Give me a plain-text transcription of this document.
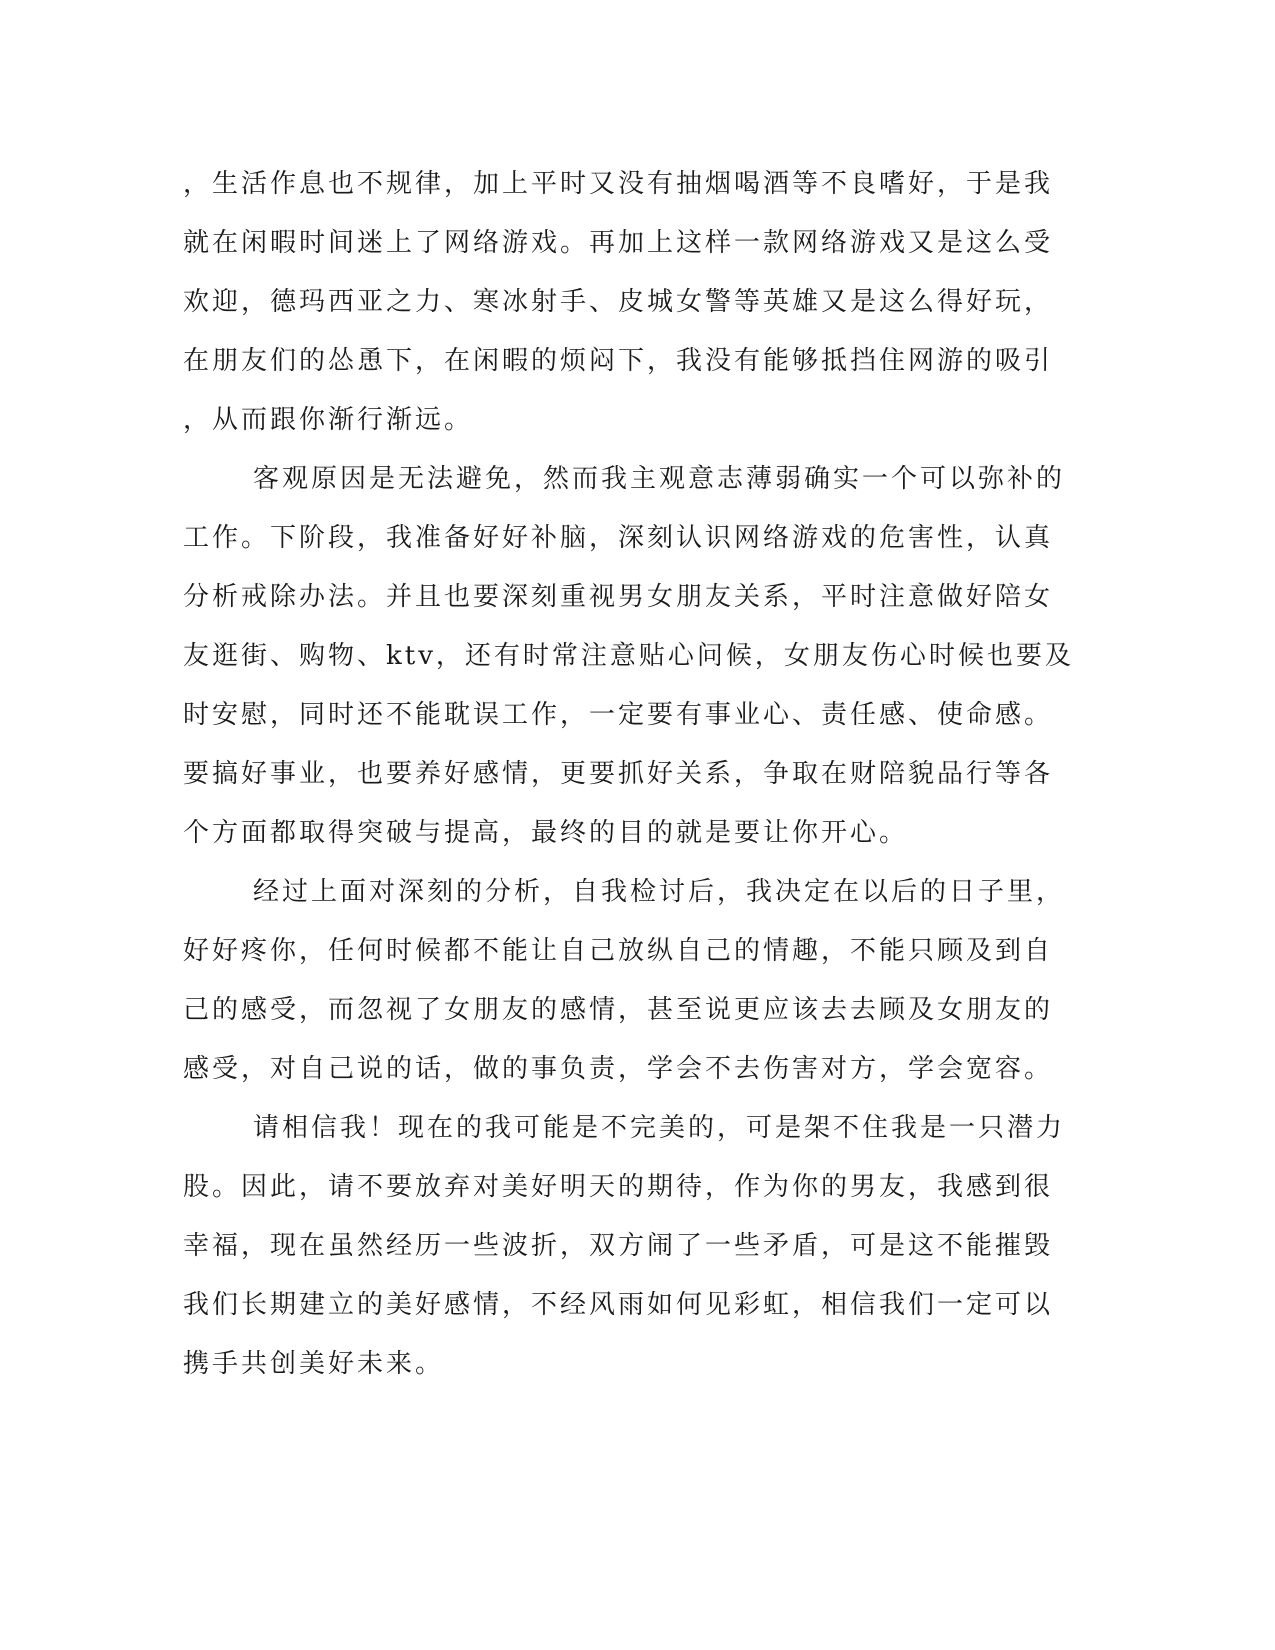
，生活作息也不规律，加上平时又没有抽烟喝酒等不良嗜好，于是我
就在闲暇时间迷上了网络游戏。再加上这样一款网络游戏又是这么受
欢迎，德玛西亚之力、寒冰射手、皮城女警等英雄又是这么得好玩，
在朋友们的怂恿下，在闲暇的烦闷下，我没有能够抵挡住网游的吸引
，从而跟你渐行渐远。
客观原因是无法避免，然而我主观意志薄弱确实一个可以弥补的
工作。下阶段，我准备好好补脑，深刻认识网络游戏的危害性，认真
分析戒除办法。并且也要深刻重视男女朋友关系，平时注意做好陪女
友逛街、购物、ktv，还有时常注意贴心问候，女朋友伤心时候也要及
时安慰，同时还不能耽误工作，一定要有事业心、责任感、使命感。
要搞好事业，也要养好感情，更要抓好关系，争取在财陪貌品行等各
个方面都取得突破与提高，最终的目的就是要让你开心。
经过上面对深刻的分析，自我检讨后，我决定在以后的日子里，
好好疼你，任何时候都不能让自己放纵自己的情趣，不能只顾及到自
己的感受，而忽视了女朋友的感情，甚至说更应该去去顾及女朋友的
感受，对自己说的话，做的事负责，学会不去伤害对方，学会宽容。
请相信我！现在的我可能是不完美的，可是架不住我是一只潜力
股。因此，请不要放弃对美好明天的期待，作为你的男友，我感到很
幸福，现在虽然经历一些波折，双方闹了一些矛盾，可是这不能摧毁
我们长期建立的美好感情，不经风雨如何见彩虹，相信我们一定可以
携手共创美好未来。
